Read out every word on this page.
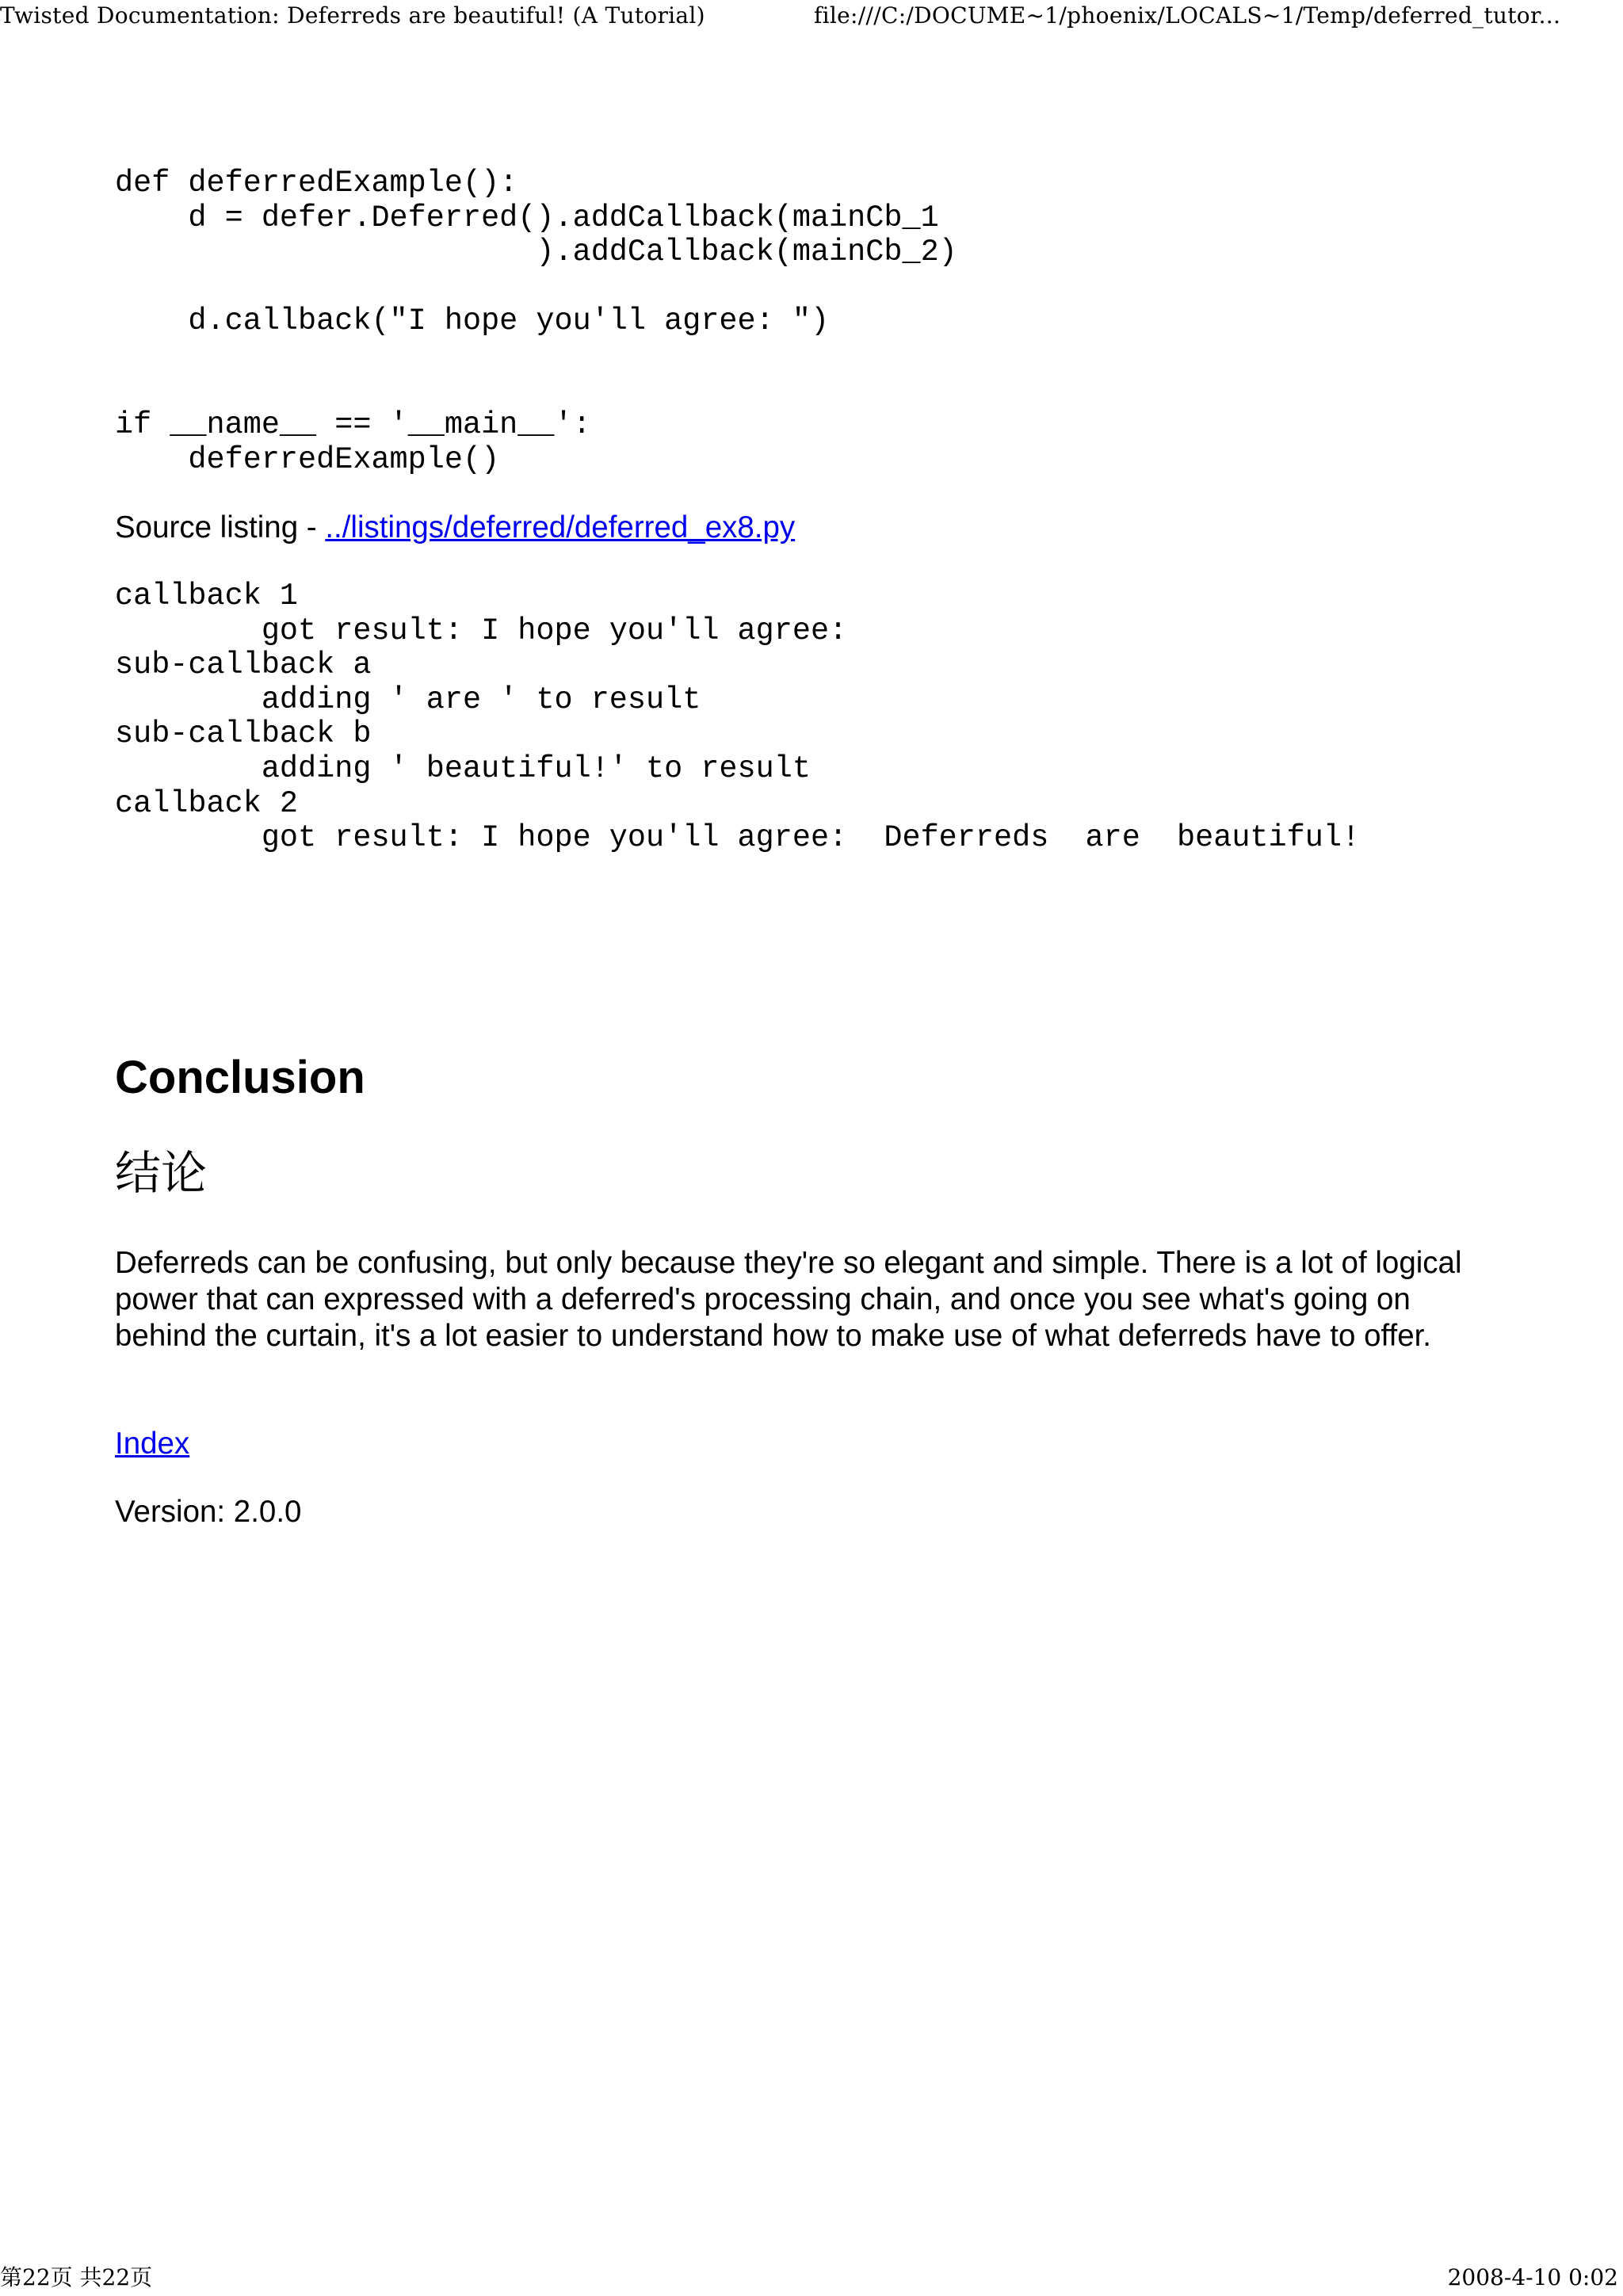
Twisted Documentation: Deferreds are beautiful! (A Tutorial)	file:///C:/DOCUME~1/phoenix/LOCALS~1/Temp/deferred_tutor...
def deferredExample():
d = defer.Deferred().addCallback(mainCb_1
).addCallback(mainCb_2)

d.callback("I hope you'll agree: ")

if __name__ == '__main__':
deferredExample()
Source listing - ../listings/deferred/deferred_ex8.py
callback 1
got result: I hope you'll agree:
sub-callback a
adding ' are ' to result
sub-callback b
adding ' beautiful!' to result
callback 2
got result: I hope you'll agree:  Deferreds  are  beautiful!
Conclusion
结论

Deferreds can be confusing, but only because they're so elegant and simple. There is a lot of logical power that can expressed with a deferred's processing chain, and once you see what's going on behind the curtain, it's a lot easier to understand how to make use of what deferreds have to offer.

Index
Version: 2.0.0
第22页 共22页	2008-4-10 0:02
